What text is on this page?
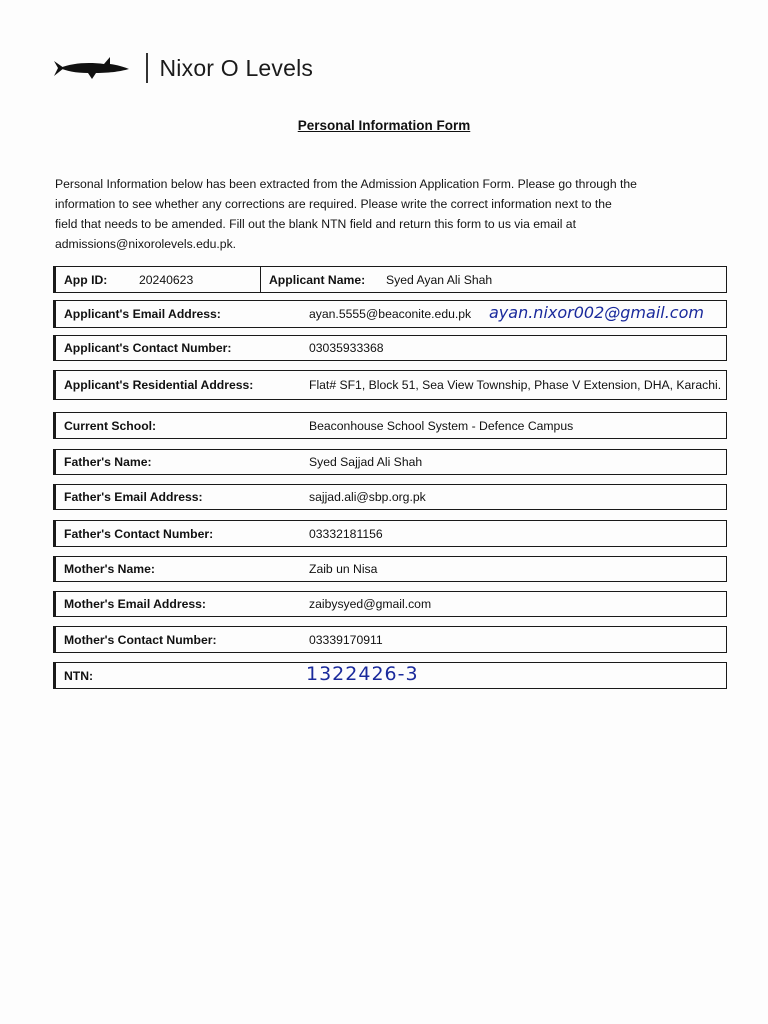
Nixor O Levels
Personal Information Form
Personal Information below has been extracted from the Admission Application Form. Please go through the
information to see whether any corrections are required. Please write the correct information next to the
field that needs to be amended. Fill out the blank NTN field and return this form to us via email at
admissions@nixorolevels.edu.pk.
App ID:	20240623	Applicant Name: Syed Ayan Ali Shah
Applicant's Email Address:	ayan.5555@beaconite.edu.pk ayan.nixor002@gmail.com
Applicant's Contact Number:	03035933368
Applicant's Residential Address:	Flat# SF1, Block 51, Sea View Township, Phase V Extension, DHA, Karachi.
Current School:	Beaconhouse School System - Defence Campus
Father's Name:	Syed Sajjad Ali Shah
Father's Email Address:	sajjad.ali@sbp.org.pk
Father's Contact Number:	03332181156
Mother's Name:	Zaib un Nisa
Mother's Email Address:	zaibysyed@gmail.com
Mother's Contact Number:	03339170911
NTN:	1322426-3
